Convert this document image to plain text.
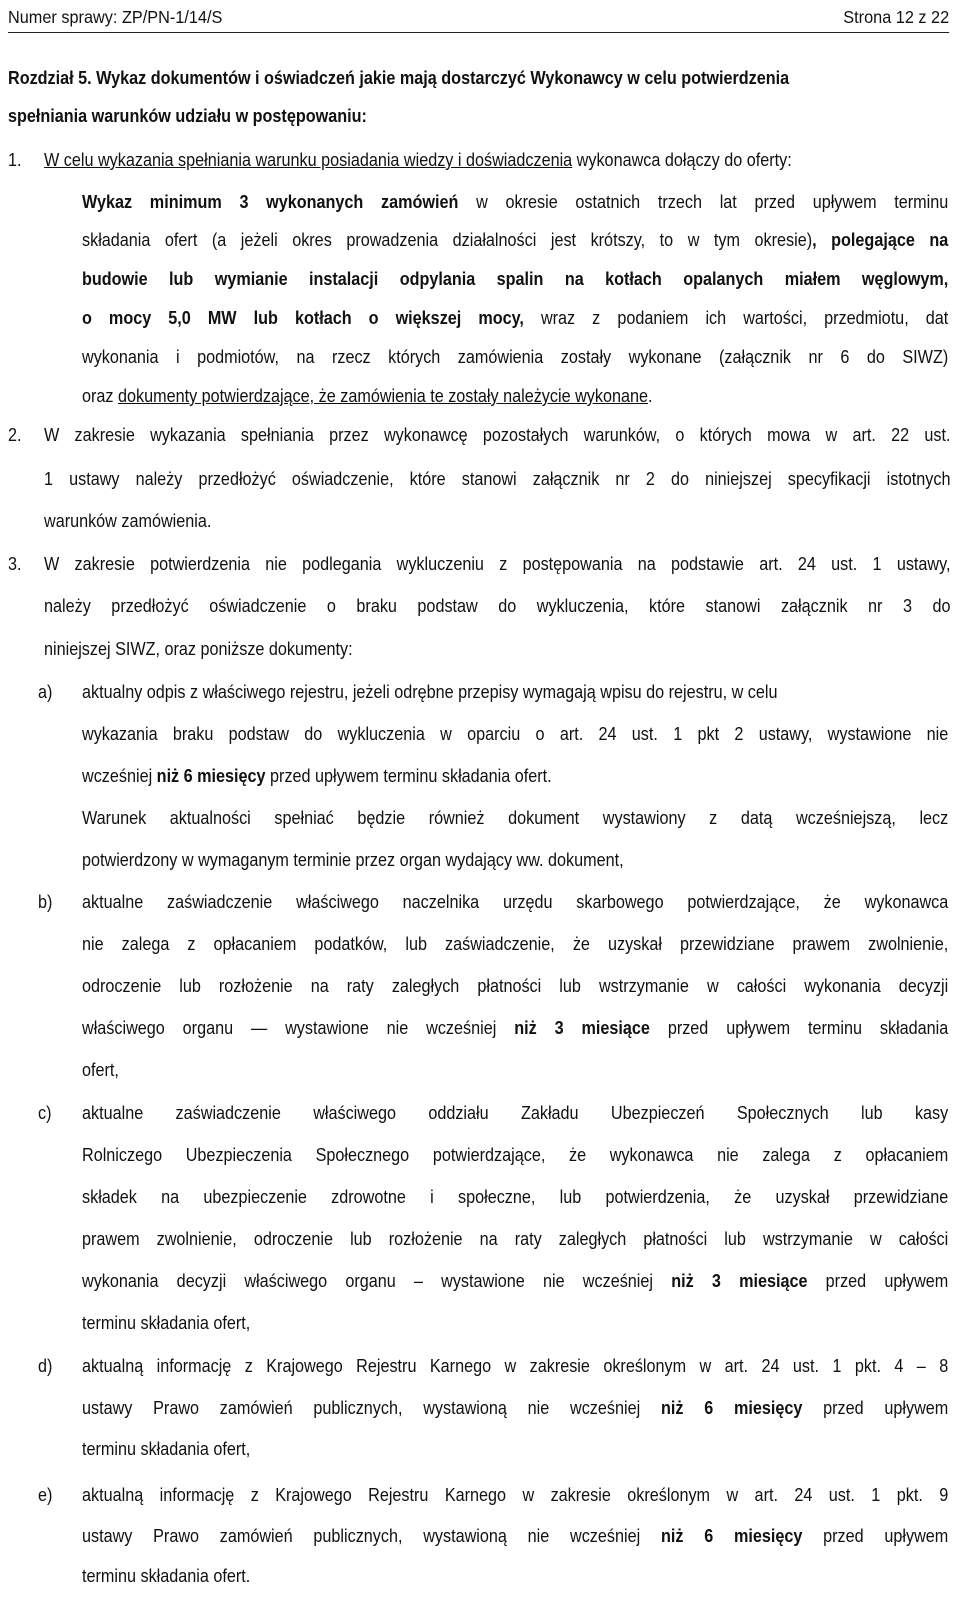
Numer sprawy: ZP/PN-1/14/S	Strona 12 z 22
Rozdział 5. Wykaz dokumentów i oświadczeń jakie mają dostarczyć Wykonawcy w celu potwierdzenia
spełniania warunków udziału w postępowaniu:
1. W celu wykazania spełniania warunku posiadania wiedzy i doświadczenia wykonawca dołączy do oferty:
Wykaz minimum 3 wykonanych zamówień w okresie ostatnich trzech lat przed upływem terminu
składania ofert (a jeżeli okres prowadzenia działalności jest krótszy, to w tym okresie), polegające na
budowie lub wymianie instalacji odpylania spalin na kotłach opalanych miałem węglowym,
o mocy 5,0 MW lub kotłach o większej mocy, wraz z podaniem ich wartości, przedmiotu, dat
wykonania i podmiotów, na rzecz których zamówienia zostały wykonane (załącznik nr 6 do SIWZ)
oraz dokumenty potwierdzające, że zamówienia te zostały należycie wykonane.
2. W zakresie wykazania spełniania przez wykonawcę pozostałych warunków, o których mowa w art. 22 ust.
1 ustawy należy przedłożyć oświadczenie, które stanowi załącznik nr 2 do niniejszej specyfikacji istotnych
warunków zamówienia.
3. W zakresie potwierdzenia nie podlegania wykluczeniu z postępowania na podstawie art. 24 ust. 1 ustawy,
należy przedłożyć oświadczenie o braku podstaw do wykluczenia, które stanowi załącznik nr 3 do
niniejszej SIWZ, oraz poniższe dokumenty:
a) aktualny odpis z właściwego rejestru, jeżeli odrębne przepisy wymagają wpisu do rejestru, w celu
wykazania braku podstaw do wykluczenia w oparciu o art. 24 ust. 1 pkt 2 ustawy, wystawione nie
wcześniej niż 6 miesięcy przed upływem terminu składania ofert.
Warunek aktualności spełniać będzie również dokument wystawiony z datą wcześniejszą, lecz
potwierdzony w wymaganym terminie przez organ wydający ww. dokument,
b) aktualne zaświadczenie właściwego naczelnika urzędu skarbowego potwierdzające, że wykonawca
nie zalega z opłacaniem podatków, lub zaświadczenie, że uzyskał przewidziane prawem zwolnienie,
odroczenie lub rozłożenie na raty zaległych płatności lub wstrzymanie w całości wykonania decyzji
właściwego organu — wystawione nie wcześniej niż 3 miesiące przed upływem terminu składania
ofert,
c) aktualne zaświadczenie właściwego oddziału Zakładu Ubezpieczeń Społecznych lub kasy
Rolniczego Ubezpieczenia Społecznego potwierdzające, że wykonawca nie zalega z opłacaniem
składek na ubezpieczenie zdrowotne i społeczne, lub potwierdzenia, że uzyskał przewidziane
prawem zwolnienie, odroczenie lub rozłożenie na raty zaległych płatności lub wstrzymanie w całości
wykonania decyzji właściwego organu – wystawione nie wcześniej niż 3 miesiące przed upływem
terminu składania ofert,
d) aktualną informację z Krajowego Rejestru Karnego w zakresie określonym w art. 24 ust. 1 pkt. 4 – 8
ustawy Prawo zamówień publicznych, wystawioną nie wcześniej niż 6 miesięcy przed upływem
terminu składania ofert,
e) aktualną informację z Krajowego Rejestru Karnego w zakresie określonym w art. 24 ust. 1 pkt. 9
ustawy Prawo zamówień publicznych, wystawioną nie wcześniej niż 6 miesięcy przed upływem
terminu składania ofert.
